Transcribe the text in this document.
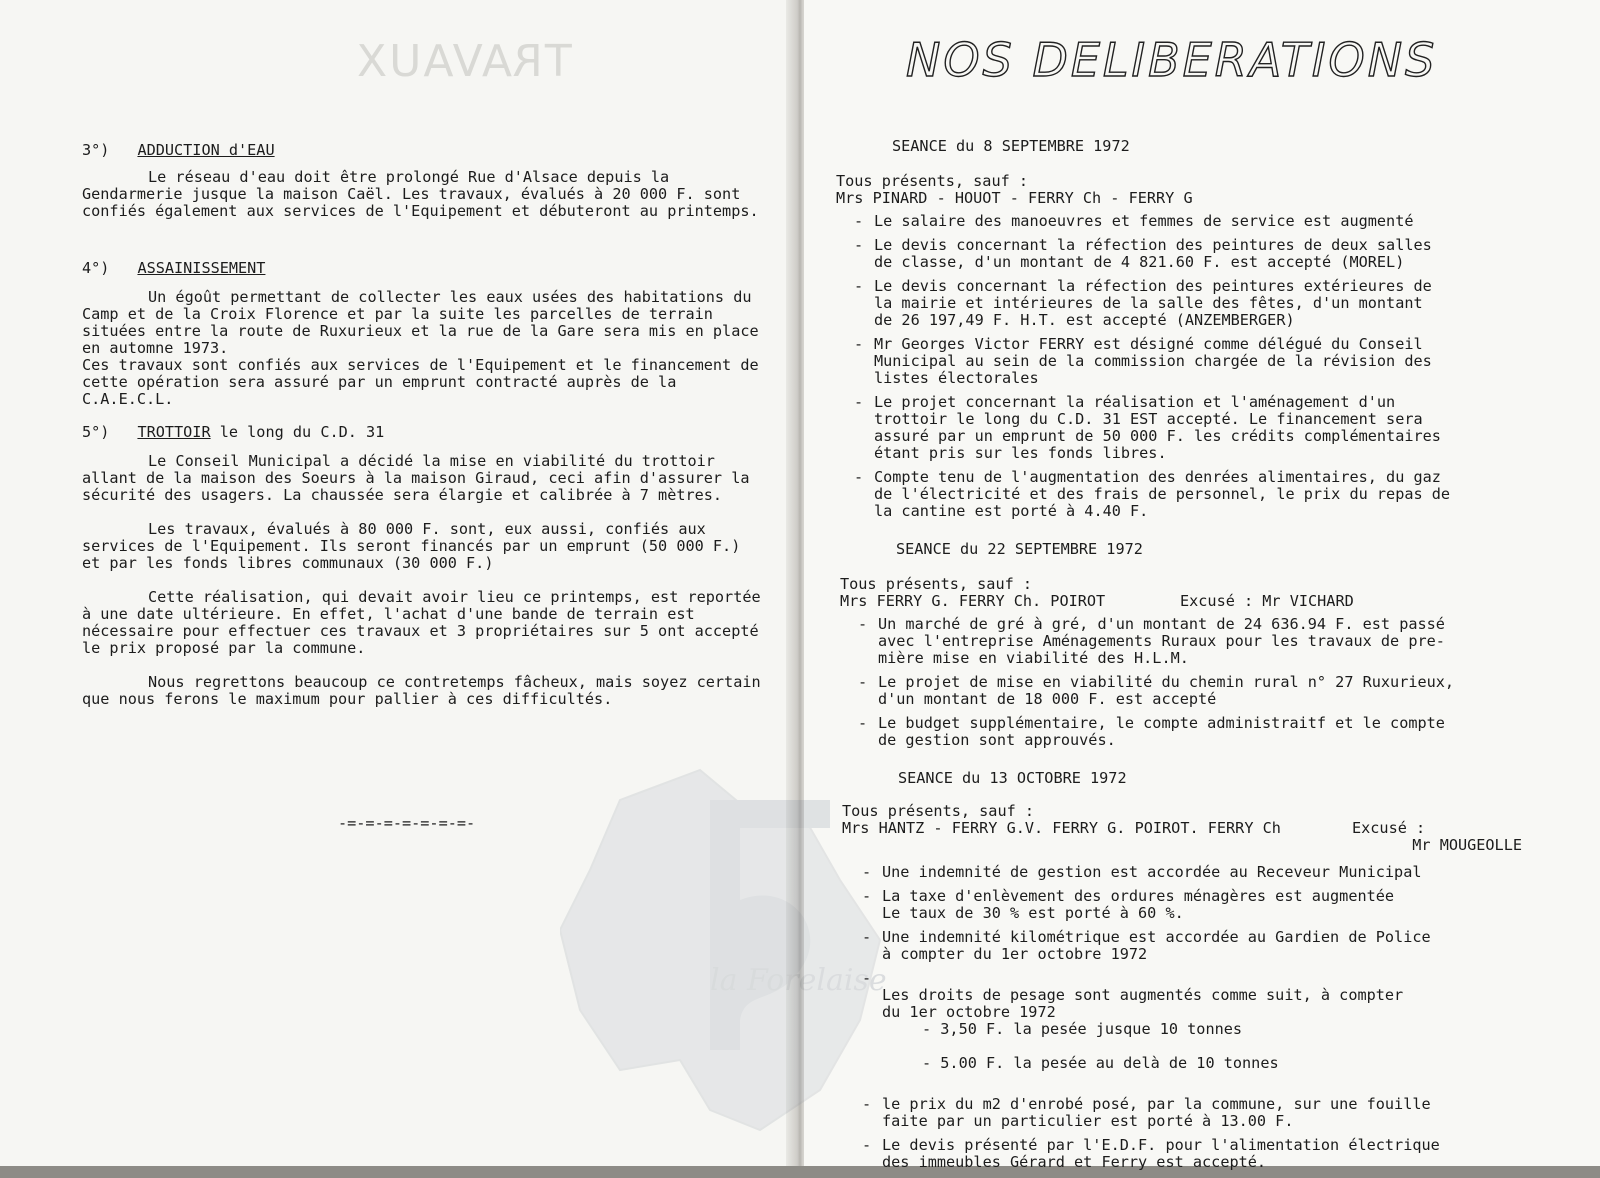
TRAVAUX
3°) ADDUCTION d'EAU

Le réseau d'eau doit être prolongé Rue d'Alsace depuis la Gendarmerie jusque la maison Caël. Les travaux, évalués à 20 000 F. sont confiés également aux services de l'Equipement et débuteront au printemps.

4°) ASSAINISSEMENT

Un égoût permettant de collecter les eaux usées des habitations du Camp et de la Croix Florence et par la suite les parcelles de terrain situées entre la route de Ruxurieux et la rue de la Gare sera mis en place en automne 1973.

Ces travaux sont confiés aux services de l'Equipement et le financement de cette opération sera assuré par un emprunt contracté auprès de la C.A.E.C.L.

5°) TROTTOIR le long du C.D. 31

Le Conseil Municipal a décidé la mise en viabilité du trottoir allant de la maison des Soeurs à la maison Giraud, ceci afin d'assurer la sécurité des usagers. La chaussée sera élargie et calibrée à 7 mètres.

Les travaux, évalués à 80 000 F. sont, eux aussi, confiés aux services de l'Equipement. Ils seront financés par un emprunt (50 000 F.) et par les fonds libres communaux (30 000 F.)

Cette réalisation, qui devait avoir lieu ce printemps, est reportée à une date ultérieure. En effet, l'achat d'une bande de terrain est nécessaire pour effectuer ces travaux et 3 propriétaires sur 5 ont accepté le prix proposé par la commune.

Nous regrettons beaucoup ce contretemps fâcheux, mais soyez certain que nous ferons le maximum pour pallier à ces difficultés.

-=-=-=-=-=-=-=-
la Forelaise
NOS DELIBERATIONS
SEANCE du 8 SEPTEMBRE 1972
Tous présents, sauf :
Mrs PINARD - HOUOT - FERRY Ch - FERRY G
- Le salaire des manoeuvres et femmes de service est augmenté
- Le devis concernant la réfection des peintures de deux salles
de classe, d'un montant de 4 821.60 F. est accepté (MOREL)
- Le devis concernant la réfection des peintures extérieures de
la mairie et intérieures de la salle des fêtes, d'un montant
de 26 197,49 F. H.T. est accepté (ANZEMBERGER)
- Mr Georges Victor FERRY est désigné comme délégué du Conseil
Municipal au sein de la commission chargée de la révision des
listes électorales
- Le projet concernant la réalisation et l'aménagement d'un
trottoir le long du C.D. 31 EST accepté. Le financement sera
assuré par un emprunt de 50 000 F. les crédits complémentaires
étant pris sur les fonds libres.
- Compte tenu de l'augmentation des denrées alimentaires, du gaz
de l'électricité et des frais de personnel, le prix du repas de
la cantine est porté à 4.40 F.
SEANCE du 22 SEPTEMBRE 1972
Tous présents, sauf :
Mrs FERRY G. FERRY Ch. POIROT	Excusé : Mr VICHARD
- Un marché de gré à gré, d'un montant de 24 636.94 F. est passé
avec l'entreprise Aménagements Ruraux pour les travaux de pre-
mière mise en viabilité des H.L.M.
- Le projet de mise en viabilité du chemin rural n° 27 Ruxurieux,
d'un montant de 18 000 F. est accepté
- Le budget supplémentaire, le compte administraitf et le compte
de gestion sont approuvés.
SEANCE du 13 OCTOBRE 1972
Tous présents, sauf :
Mrs HANTZ - FERRY G.V. FERRY G. POIROT. FERRY Ch	Excusé :
Mr MOUGEOLLE
- Une indemnité de gestion est accordée au Receveur Municipal
- La taxe d'enlèvement des ordures ménagères est augmentée
Le taux de 30 % est porté à 60 %.
- Une indemnité kilométrique est accordée au Gardien de Police
à compter du 1er octobre 1972

- Les droits de pesage sont augmentés comme suit, à compter
du 1er octobre 1972

- 3,50 F. la pesée jusque 10 tonnes

- 5.00 F. la pesée au delà de 10 tonnes

- le prix du m2 d'enrobé posé, par la commune, sur une fouille
faite par un particulier est porté à 13.00 F.
- Le devis présenté par l'E.D.F. pour l'alimentation électrique
des immeubles Gérard et Ferry est accepté.
